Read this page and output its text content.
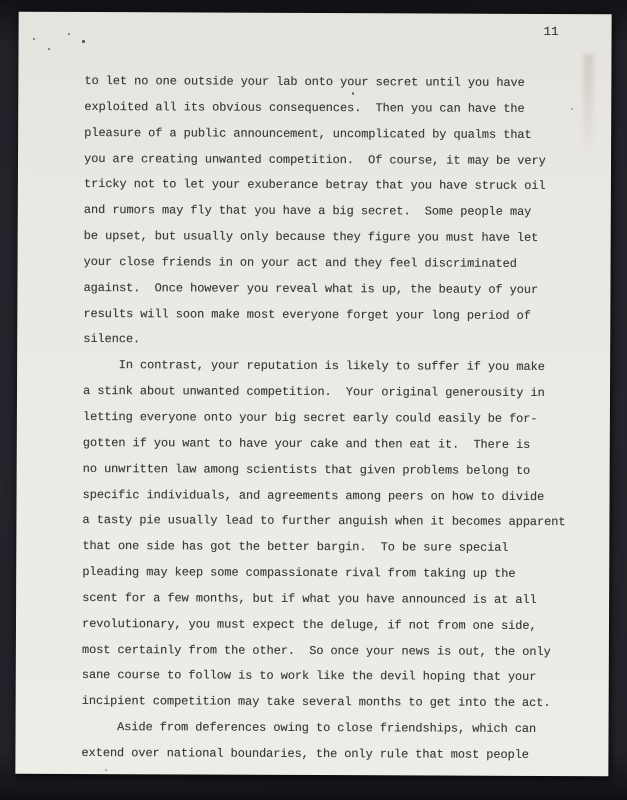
11
to let no one outside your lab onto your secret until you have
exploited all its obvious consequences.  Then you can have the
pleasure of a public announcement, uncomplicated by qualms that
you are creating unwanted competition.  Of course, it may be very
tricky not to let your exuberance betray that you have struck oil
and rumors may fly that you have a big secret.  Some people may
be upset, but usually only because they figure you must have let
your close friends in on your act and they feel discriminated
against.  Once however you reveal what is up, the beauty of your
results will soon make most everyone forget your long period of
silence.
In contrast, your reputation is likely to suffer if you make
a stink about unwanted competition.  Your original generousity in
letting everyone onto your big secret early could easily be for-
gotten if you want to have your cake and then eat it.  There is
no unwritten law among scientists that given problems belong to
specific individuals, and agreements among peers on how to divide
a tasty pie usually lead to further anguish when it becomes apparent
that one side has got the better bargin.  To be sure special
pleading may keep some compassionate rival from taking up the
scent for a few months, but if what you have announced is at all
revolutionary, you must expect the deluge, if not from one side,
most certainly from the other.  So once your news is out, the only
sane course to follow is to work like the devil hoping that your
incipient competition may take several months to get into the act.
Aside from deferences owing to close friendships, which can
extend over national boundaries, the only rule that most people
